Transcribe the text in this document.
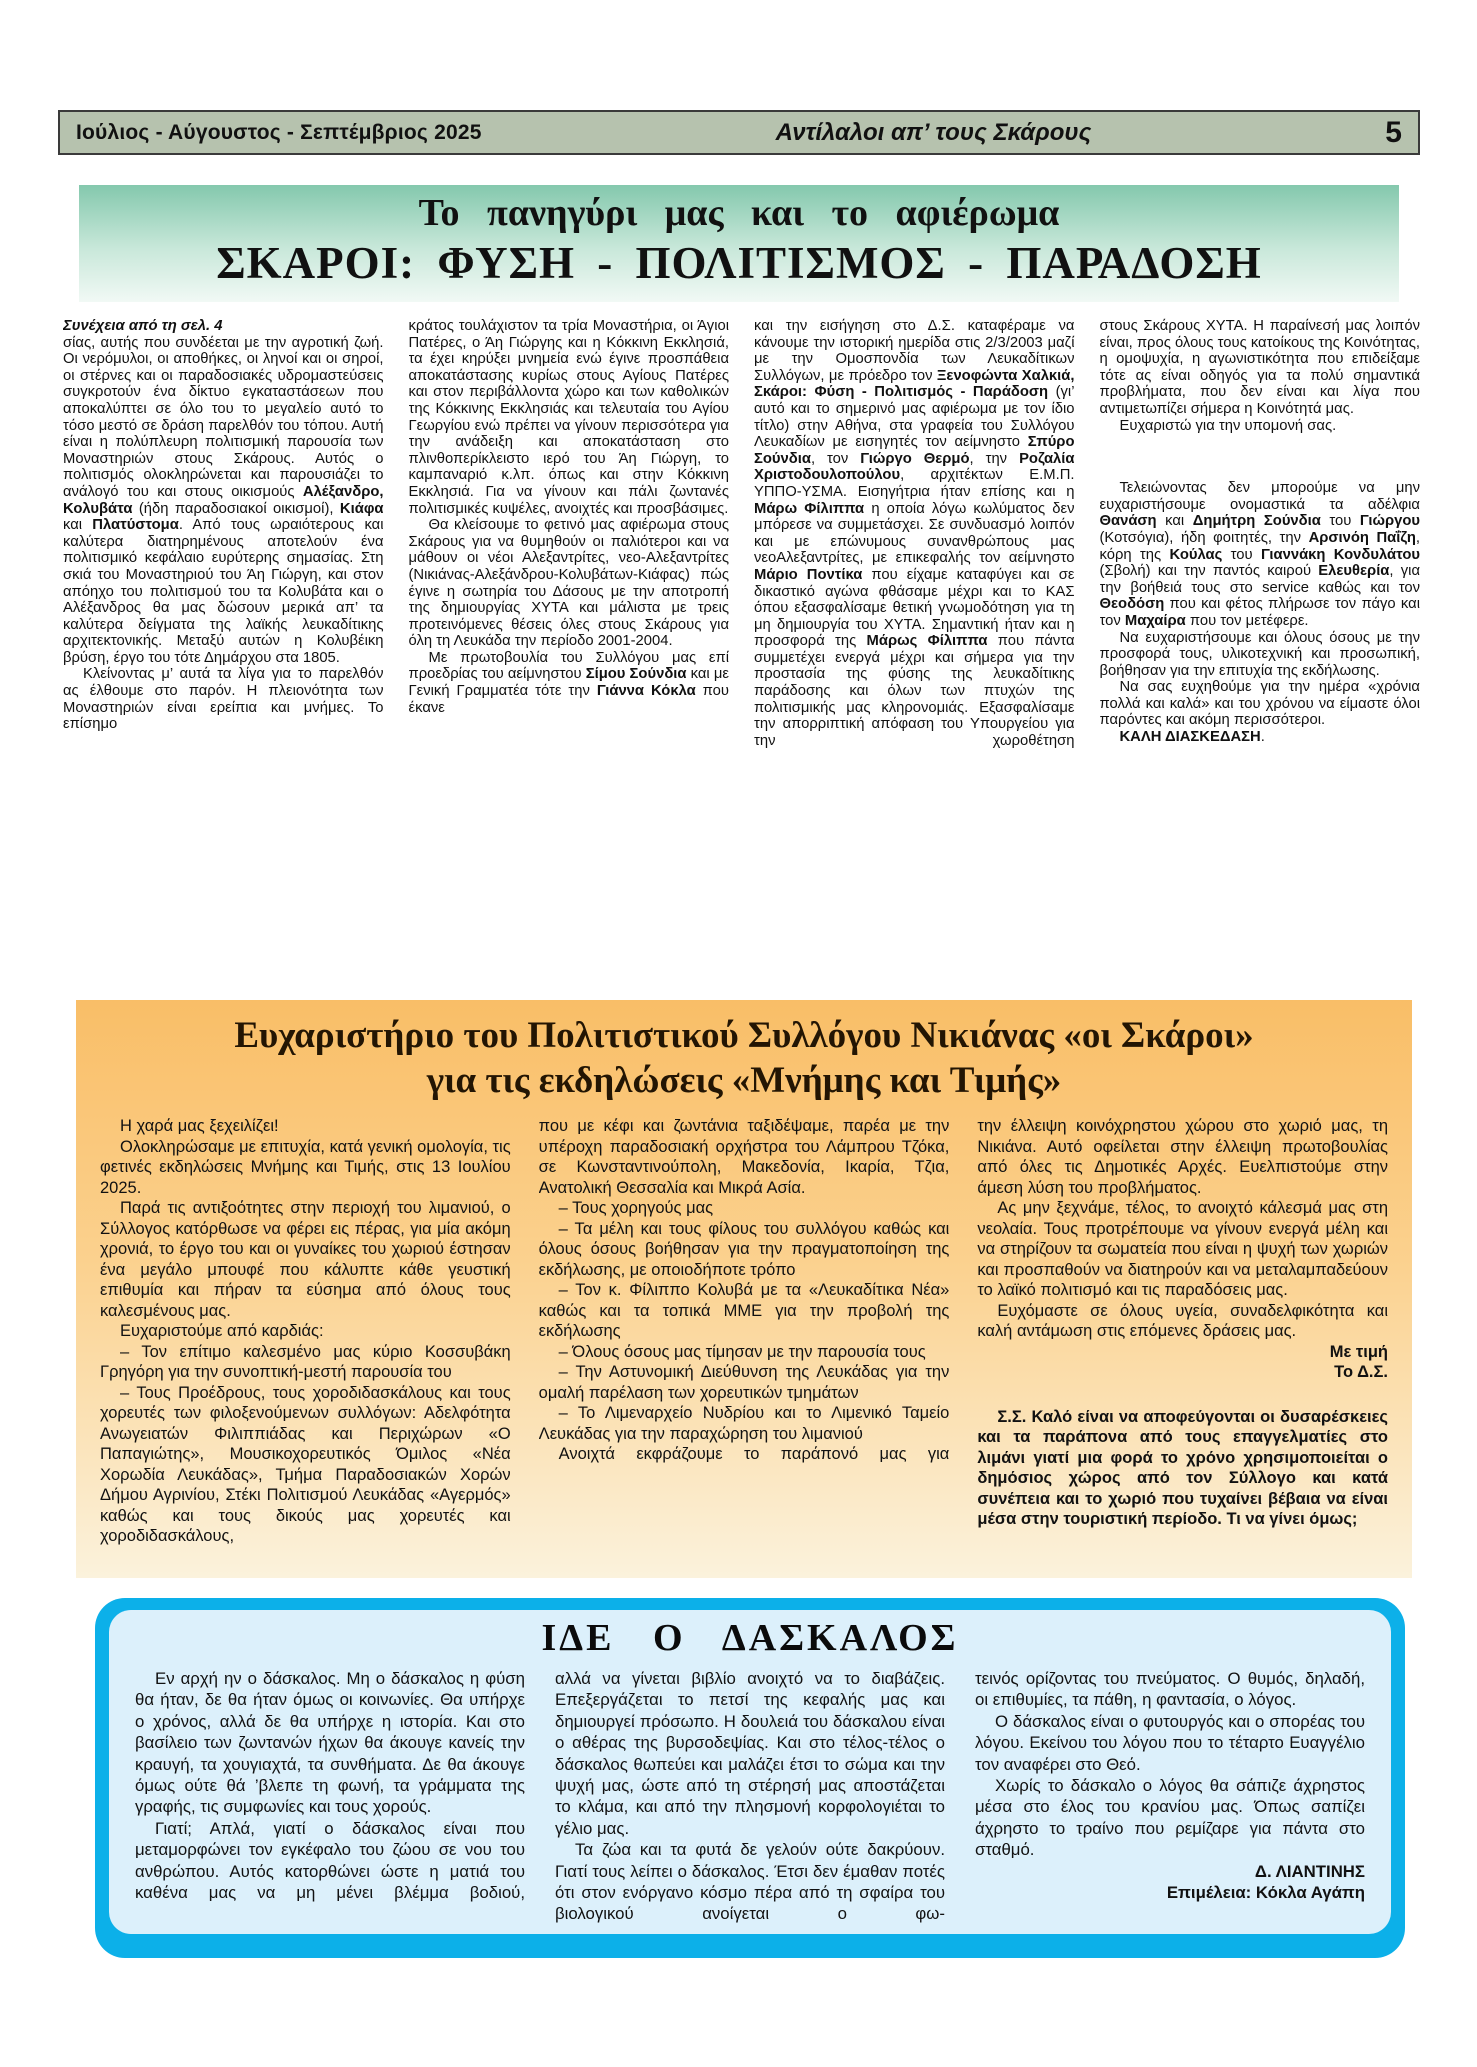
Ιούλιος - Αύγουστος - Σεπτέμβριος 2025	Αντίλαλοι απ’ τους Σκάρους	5
Το πανηγύρι μας και το αφιέρωμα
ΣΚΑΡΟΙ: ΦΥΣΗ - ΠΟΛΙΤΙΣΜΟΣ - ΠΑΡΑΔΟΣΗ

Συνέχεια από τη σελ. 4

σίας, αυτής που συνδέεται με την αγροτική ζωή. Οι νερόμυλοι, οι αποθήκες, οι ληνοί και οι σηροί, οι στέρνες και οι παραδοσιακές υδρομαστεύσεις συγκροτούν ένα δίκτυο εγκαταστάσεων που αποκαλύπτει σε όλο του το μεγαλείο αυτό το τόσο μεστό σε δράση παρελθόν του τόπου. Αυτή είναι η πολύπλευρη πολιτισμική παρουσία των Μοναστηριών στους Σκάρους. Αυτός ο πολιτισμός ολοκληρώνεται και παρουσιάζει το ανάλογό του και στους οικισμούς Αλέξανδρο, Κολυβάτα (ήδη παραδοσιακοί οικισμοί), Κιάφα και Πλατύστομα. Από τους ωραιότερους και καλύτερα διατηρημένους αποτελούν ένα πολιτισμικό κεφάλαιο ευρύτερης σημασίας. Στη σκιά του Μοναστηριού του Άη Γιώργη, και στον απόηχο του πολιτισμού του τα Κολυβάτα και ο Αλέξανδρος θα μας δώσουν μερικά απ’ τα καλύτερα δείγματα της λαϊκής λευκαδίτικης αρχιτεκτονικής. Μεταξύ αυτών η Κολυβέικη βρύση, έργο του τότε Δημάρχου στα 1805.

Κλείνοντας μ’ αυτά τα λίγα για το παρελθόν ας έλθουμε στο παρόν. Η πλειονότητα των Μοναστηριών είναι ερείπια και μνήμες. Το επίσημο

κράτος τουλάχιστον τα τρία Μοναστήρια, οι Άγιοι Πατέρες, ο Άη Γιώργης και η Κόκκινη Εκκλησιά, τα έχει κηρύξει μνημεία ενώ έγινε προσπάθεια αποκατάστασης κυρίως στους Αγίους Πατέρες και στον περιβάλλοντα χώρο και των καθολικών της Κόκκινης Εκκλησιάς και τελευταία του Αγίου Γεωργίου ενώ πρέπει να γίνουν περισσότερα για την ανάδειξη και αποκατάσταση στο πλινθοπερίκλειστο ιερό του Άη Γιώργη, το καμπαναριό κ.λπ. όπως και στην Κόκκινη Εκκλησιά. Για να γίνουν και πάλι ζωντανές πολιτισμικές κυψέλες, ανοιχτές και προσβάσιμες.

Θα κλείσουμε το φετινό μας αφιέρωμα στους Σκάρους για να θυμηθούν οι παλιότεροι και να μάθουν οι νέοι Αλεξαντρίτες, νεο-Αλεξαντρίτες (Νικιάνας-Αλεξάνδρου-Κολυβάτων-Κιάφας) πώς έγινε η σωτηρία του Δάσους με την αποτροπή της δημιουργίας ΧΥΤΑ και μάλιστα με τρεις προτεινόμενες θέσεις όλες στους Σκάρους για όλη τη Λευκάδα την περίοδο 2001-2004.

Με πρωτοβουλία του Συλλόγου μας επί προεδρίας του αείμνηστου Σίμου Σούνδια και με Γενική Γραμματέα τότε την Γιάννα Κόκλα που έκανε

και την εισήγηση στο Δ.Σ. καταφέραμε να κάνουμε την ιστορική ημερίδα στις 2/3/2003 μαζί με την Ομοσπονδία των Λευκαδίτικων Συλλόγων, με πρόεδρο τον Ξενοφώντα Χαλκιά, Σκάροι: Φύση - Πολιτισμός - Παράδοση (γι’ αυτό και το σημερινό μας αφιέρωμα με τον ίδιο τίτλο) στην Αθήνα, στα γραφεία του Συλλόγου Λευκαδίων με εισηγητές τον αείμνηστο Σπύρο Σούνδια, τον Γιώργο Θερμό, την Ροζαλία Χριστοδουλοπούλου, αρχιτέκτων Ε.Μ.Π. ΥΠΠΟ-ΥΣΜΑ. Εισηγήτρια ήταν επίσης και η Μάρω Φίλιππα η οποία λόγω κωλύματος δεν μπόρεσε να συμμετάσχει. Σε συνδυασμό λοιπόν και με επώνυμους συνανθρώπους μας νεοΑλεξαντρίτες, με επικεφαλής τον αείμνηστο Μάριο Ποντίκα που είχαμε καταφύγει και σε δικαστικό αγώνα φθάσαμε μέχρι και το ΚΑΣ όπου εξασφαλίσαμε θετική γνωμοδότηση για τη μη δημιουργία του ΧΥΤΑ. Σημαντική ήταν και η προσφορά της Μάρως Φίλιππα που πάντα συμμετέχει ενεργά μέχρι και σήμερα για την προστασία της φύσης της λευκαδίτικης παράδοσης και όλων των πτυχών της πολιτισμικής μας κληρονομιάς. Εξασφαλίσαμε την απορριπτική απόφαση του Υπουργείου για την χωροθέτηση

στους Σκάρους ΧΥΤΑ. Η παραίνεσή μας λοιπόν είναι, προς όλους τους κατοίκους της Κοινότητας, η ομοψυχία, η αγωνιστικότητα που επιδείξαμε τότε ας είναι οδηγός για τα πολύ σημαντικά προβλήματα, που δεν είναι και λίγα που αντιμετωπίζει σήμερα η Κοινότητά μας.

Ευχαριστώ για την υπομονή σας.

Τελειώνοντας δεν μπορούμε να μην ευχαριστήσουμε ονομαστικά τα αδέλφια Θανάση και Δημήτρη Σούνδια του Γιώργου (Κοτσόγια), ήδη φοιτητές, την Αρσινόη Παΐζη, κόρη της Κούλας του Γιαννάκη Κονδυλάτου (Σβολή) και την παντός καιρού Ελευθερία, για την βοήθειά τους στο service καθώς και τον Θεοδόση που και φέτος πλήρωσε τον πάγο και τον Μαχαίρα που τον μετέφερε.

Να ευχαριστήσουμε και όλους όσους με την προσφορά τους, υλικοτεχνική και προσωπική, βοήθησαν για την επιτυχία της εκδήλωσης.

Να σας ευχηθούμε για την ημέρα «χρόνια πολλά και καλά» και του χρόνου να είμαστε όλοι παρόντες και ακόμη περισσότεροι.

ΚΑΛΗ ΔΙΑΣΚΕΔΑΣΗ.

Ευχαριστήριο του Πολιτιστικού Συλλόγου Νικιάνας «οι Σκάροι»
για τις εκδηλώσεις «Μνήμης και Τιμής»

Η χαρά μας ξεχειλίζει!

Ολοκληρώσαμε με επιτυχία, κατά γενική ομολογία, τις φετινές εκδηλώσεις Μνήμης και Τιμής, στις 13 Ιουλίου 2025.

Παρά τις αντιξοότητες στην περιοχή του λιμανιού, ο Σύλλογος κατόρθωσε να φέρει εις πέρας, για μία ακόμη χρονιά, το έργο του και οι γυναίκες του χωριού έστησαν ένα μεγάλο μπουφέ που κάλυπτε κάθε γευστική επιθυμία και πήραν τα εύσημα από όλους τους καλεσμένους μας.

Ευχαριστούμε από καρδιάς:

– Τον επίτιμο καλεσμένο μας κύριο Κοσσυβάκη Γρηγόρη για την συνοπτική-μεστή παρουσία του

– Τους Προέδρους, τους χοροδιδασκάλους και τους χορευτές των φιλοξενούμενων συλλόγων: Αδελφότητα Ανωγειατών Φιλιππιάδας και Περιχώρων «Ο Παπαγιώτης», Μουσικοχορευτικός Όμιλος «Νέα Χορωδία Λευκάδας», Τμήμα Παραδοσιακών Χορών Δήμου Αγρινίου, Στέκι Πολιτισμού Λευκάδας «Αγερμός» καθώς και τους δικούς μας χορευτές και χοροδιδασκάλους,

που με κέφι και ζωντάνια ταξιδέψαμε, παρέα με την υπέροχη παραδοσιακή ορχήστρα του Λάμπρου Τζόκα, σε Κωνσταντινούπολη, Μακεδονία, Ικαρία, Τζια, Ανατολική Θεσσαλία και Μικρά Ασία.

– Τους χορηγούς μας

– Τα μέλη και τους φίλους του συλλόγου καθώς και όλους όσους βοήθησαν για την πραγματοποίηση της εκδήλωσης, με οποιοδήποτε τρόπο

– Τον κ. Φίλιππο Κολυβά με τα «Λευκαδίτικα Νέα» καθώς και τα τοπικά ΜΜΕ για την προβολή της εκδήλωσης

– Όλους όσους μας τίμησαν με την παρουσία τους

– Την Αστυνομική Διεύθυνση της Λευκάδας για την ομαλή παρέλαση των χορευτικών τμημάτων

– Το Λιμεναρχείο Νυδρίου και το Λιμενικό Ταμείο Λευκάδας για την παραχώρηση του λιμανιού

Ανοιχτά εκφράζουμε το παράπονό μας για

την έλλειψη κοινόχρηστου χώρου στο χωριό μας, τη Νικιάνα. Αυτό οφείλεται στην έλλειψη πρωτοβουλίας από όλες τις Δημοτικές Αρχές. Ευελπιστούμε στην άμεση λύση του προβλήματος.

Ας μην ξεχνάμε, τέλος, το ανοιχτό κάλεσμά μας στη νεολαία. Τους προτρέπουμε να γίνουν ενεργά μέλη και να στηρίζουν τα σωματεία που είναι η ψυχή των χωριών και προσπαθούν να διατηρούν και να μεταλαμπαδεύουν το λαϊκό πολιτισμό και τις παραδόσεις μας.

Ευχόμαστε σε όλους υγεία, συναδελφικότητα και καλή αντάμωση στις επόμενες δράσεις μας.

Με τιμή

Το Δ.Σ.

Σ.Σ. Καλό είναι να αποφεύγονται οι δυσαρέσκειες και τα παράπονα από τους επαγγελματίες στο λιμάνι γιατί μια φορά το χρόνο χρησιμοποιείται ο δημόσιος χώρος από τον Σύλλογο και κατά συνέπεια και το χωριό που τυχαίνει βέβαια να είναι μέσα στην τουριστική περίοδο. Τι να γίνει όμως;

ΙΔΕ Ο ΔΑΣΚΑΛΟΣ

Εν αρχή ην ο δάσκαλος. Μη ο δάσκαλος η φύση θα ήταν, δε θα ήταν όμως οι κοινωνίες. Θα υπήρχε ο χρόνος, αλλά δε θα υπήρχε η ιστορία. Και στο βασίλειο των ζωντανών ήχων θα άκουγε κανείς την κραυγή, τα χουγιαχτά, τα συνθήματα. Δε θα άκουγε όμως ούτε θά ’βλεπε τη φωνή, τα γράμματα της γραφής, τις συμφωνίες και τους χορούς.

Γιατί; Απλά, γιατί ο δάσκαλος είναι που μεταμορφώνει τον εγκέφαλο του ζώου σε νου του ανθρώπου. Αυτός κατορθώνει ώστε η ματιά του καθένα μας να μη μένει βλέμμα βοδιού,

αλλά να γίνεται βιβλίο ανοιχτό να το διαβάζεις. Επεξεργάζεται το πετσί της κεφαλής μας και δημιουργεί πρόσωπο. Η δουλειά του δάσκαλου είναι ο αθέρας της βυρσοδεψίας. Και στο τέλος-τέλος ο δάσκαλος θωπεύει και μαλάζει έτσι το σώμα και την ψυχή μας, ώστε από τη στέρησή μας αποστάζεται το κλάμα, και από την πλησμονή κορφολογιέται το γέλιο μας.

Τα ζώα και τα φυτά δε γελούν ούτε δακρύουν. Γιατί τους λείπει ο δάσκαλος. Έτσι δεν έμαθαν ποτές ότι στον ενόργανο κόσμο πέρα από τη σφαίρα του βιολογικού ανοίγεται ο φω-

τεινός ορίζοντας του πνεύματος. Ο θυμός, δηλαδή, οι επιθυμίες, τα πάθη, η φαντασία, ο λόγος.

Ο δάσκαλος είναι ο φυτουργός και ο σπορέας του λόγου. Εκείνου του λόγου που το τέταρτο Ευαγγέλιο τον αναφέρει στο Θεό.

Χωρίς το δάσκαλο ο λόγος θα σάπιζε άχρηστος μέσα στο έλος του κρανίου μας. Όπως σαπίζει άχρηστο το τραίνο που ρεμίζαρε για πάντα στο σταθμό.

Δ. ΛΙΑΝΤΙΝΗΣ

Επιμέλεια: Κόκλα Αγάπη
